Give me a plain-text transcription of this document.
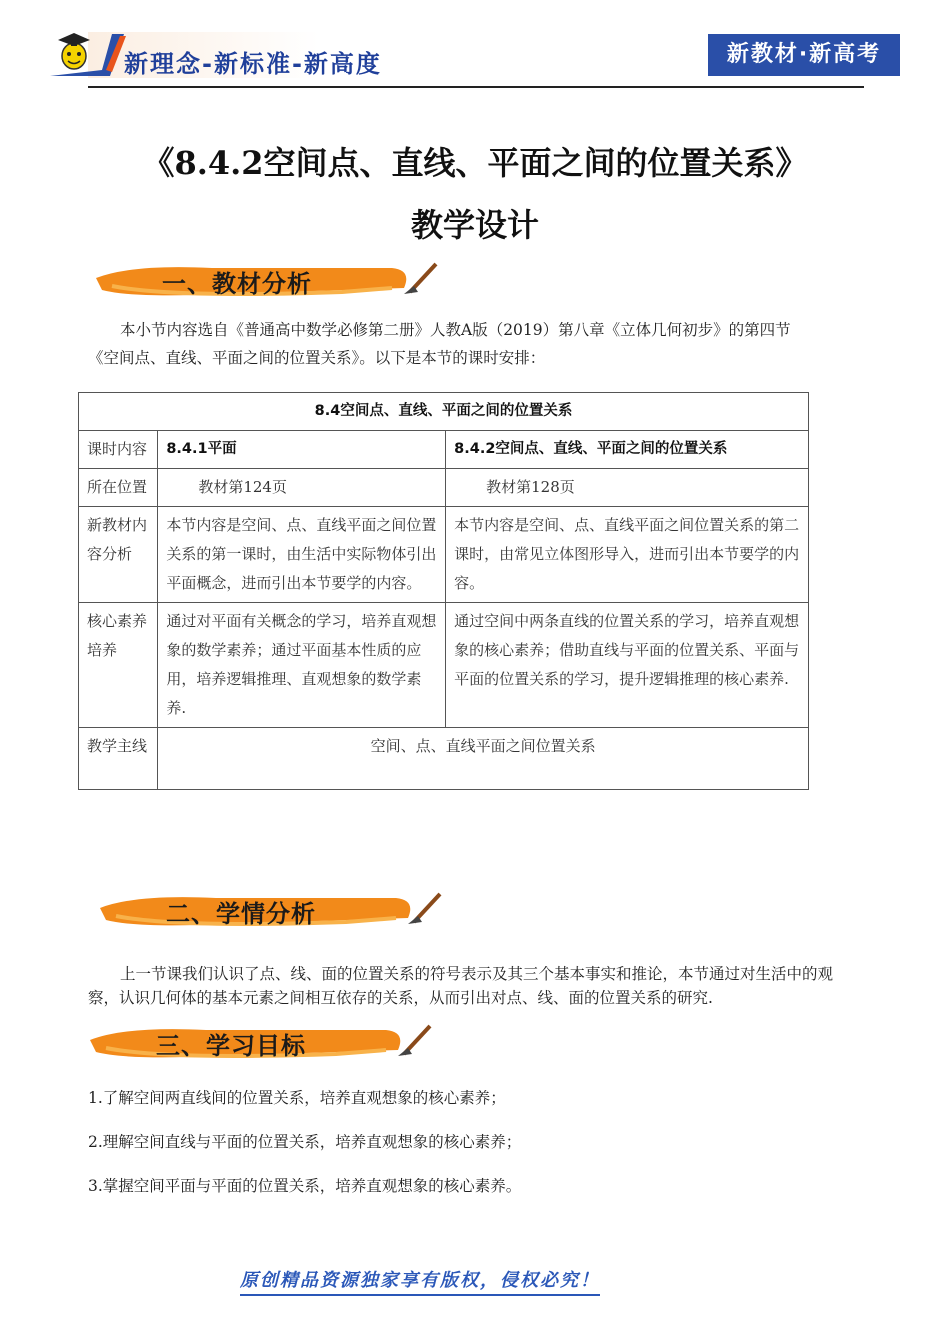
新理念-新标准-新高度	新教材·新高考
《8.4.2空间点、直线、平面之间的位置关系》
教学设计
一、教材分析
本小节内容选自《普通高中数学必修第二册》人教A版（2019）第八章《立体几何初步》的第四节
《空间点、直线、平面之间的位置关系》。以下是本节的课时安排：
8.4空间点、直线、平面之间的位置关系		
课时内容	8.4.1平面	8.4.2空间点、直线、平面之间的位置关系
所在位置	教材第124页	教材第128页
新教材内容分析	本节内容是空间、点、直线平面之间位置关系的第一课时，由生活中实际物体引出平面概念，进而引出本节要学的内容。	本节内容是空间、点、直线平面之间位置关系的第二课时，由常见立体图形导入，进而引出本节要学的内容。
核心素养培养	通过对平面有关概念的学习，培养直观想象的数学素养；通过平面基本性质的应用，培养逻辑推理、直观想象的数学素养.	通过空间中两条直线的位置关系的学习，培养直观想象的核心素养；借助直线与平面的位置关系、平面与平面的位置关系的学习，提升逻辑推理的核心素养.
教学主线	空间、点、直线平面之间位置关系	
二、学情分析
上一节课我们认识了点、线、面的位置关系的符号表示及其三个基本事实和推论，本节通过对生活中的观察，认识几何体的基本元素之间相互依存的关系，从而引出对点、线、面的位置关系的研究.
三、学习目标
1.了解空间两直线间的位置关系，培养直观想象的核心素养；
2.理解空间直线与平面的位置关系，培养直观想象的核心素养；
3.掌握空间平面与平面的位置关系，培养直观想象的核心素养。
原创精品资源独家享有版权，侵权必究！
